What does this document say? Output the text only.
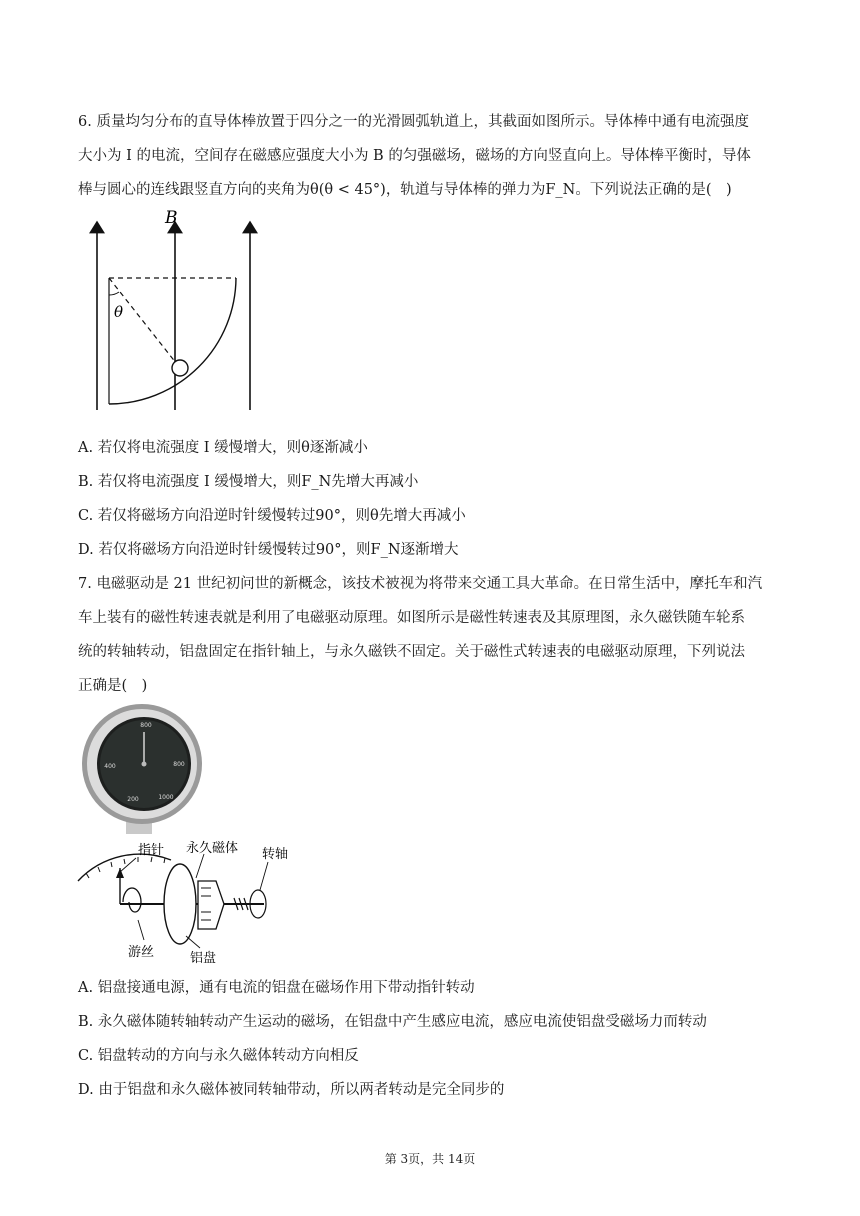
6. 质量均匀分布的直导体棒放置于四分之一的光滑圆弧轨道上，其截面如图所示。导体棒中通有电流强度
大小为 I 的电流，空间存在磁感应强度大小为 B 的匀强磁场，磁场的方向竖直向上。导体棒平衡时，导体
棒与圆心的连线跟竖直方向的夹角为θ(θ < 45°)，轨道与导体棒的弹力为F_N。下列说法正确的是(　)
B
θ
A. 若仅将电流强度 I 缓慢增大，则θ逐渐减小
B. 若仅将电流强度 I 缓慢增大，则F_N先增大再减小
C. 若仅将磁场方向沿逆时针缓慢转过90°，则θ先增大再减小
D. 若仅将磁场方向沿逆时针缓慢转过90°，则F_N逐渐增大
7. 电磁驱动是 21 世纪初问世的新概念，该技术被视为将带来交通工具大革命。在日常生活中，摩托车和汽
车上装有的磁性转速表就是利用了电磁驱动原理。如图所示是磁性转速表及其原理图，永久磁铁随车轮系
统的转轴转动，铝盘固定在指针轴上，与永久磁铁不固定。关于磁性式转速表的电磁驱动原理，下列说法
正确是(　)
800
400	800
200	1000
指针 永久磁体 转轴
游丝	铝盘
A. 铝盘接通电源，通有电流的铝盘在磁场作用下带动指针转动
B. 永久磁体随转轴转动产生运动的磁场，在铝盘中产生感应电流，感应电流使铝盘受磁场力而转动
C. 铝盘转动的方向与永久磁体转动方向相反
D. 由于铝盘和永久磁体被同转轴带动，所以两者转动是完全同步的
第 3页，共 14页
